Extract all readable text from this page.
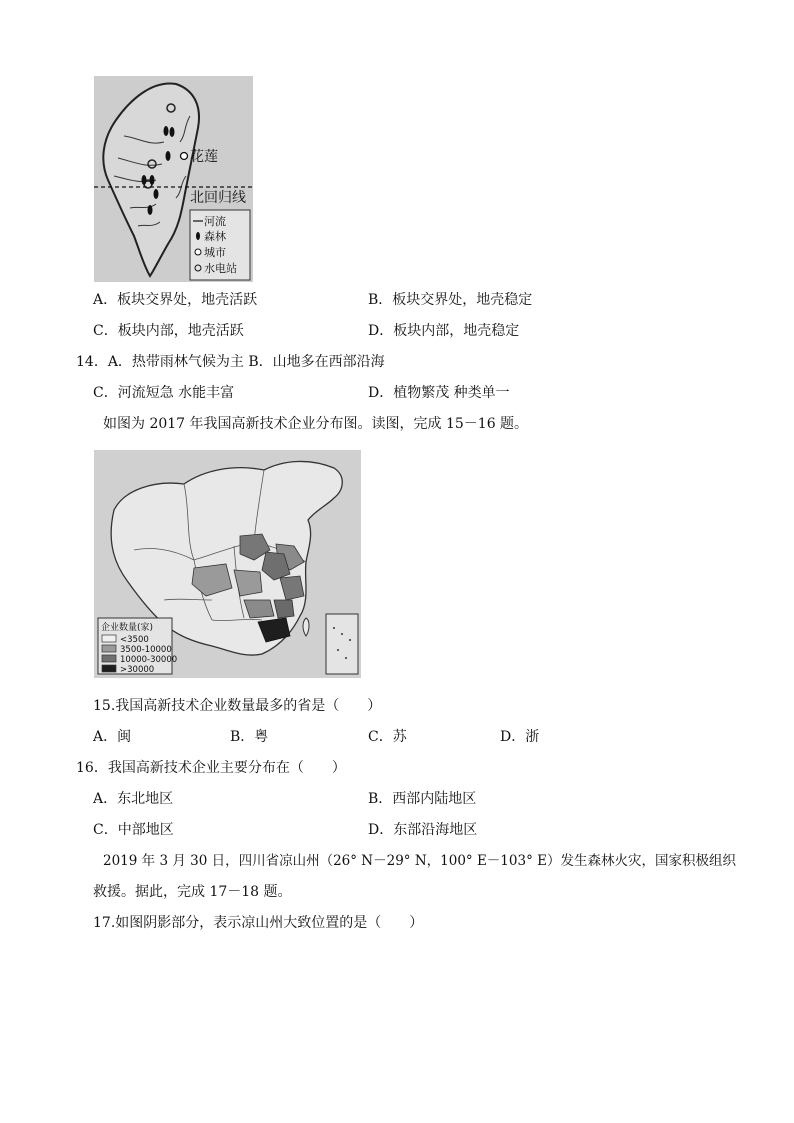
花莲
北回归线
河流
森林
城市
水电站
A．板块交界处，地壳活跃	B．板块交界处，地壳稳定
C．板块内部，地壳活跃	D．板块内部，地壳稳定
14．A．热带雨林气候为主 B．山地多在西部沿海
C．河流短急 水能丰富	D．植物繁茂 种类单一
如图为 2017 年我国高新技术企业分布图。读图，完成 15－16 题。
企业数量(家)
<3500
3500-10000
10000-30000
>30000
15.我国高新技术企业数量最多的省是（　　）
A．闽	B．粤	C．苏	D．浙
16．我国高新技术企业主要分布在（　　）
A．东北地区	B．西部内陆地区
C．中部地区	D．东部沿海地区
2019 年 3 月 30 日，四川省凉山州（26° N－29° N，100° E－103° E）发生森林火灾，国家积极组织
救援。据此，完成 17－18 题。
17.如图阴影部分，表示凉山州大致位置的是（　　）
